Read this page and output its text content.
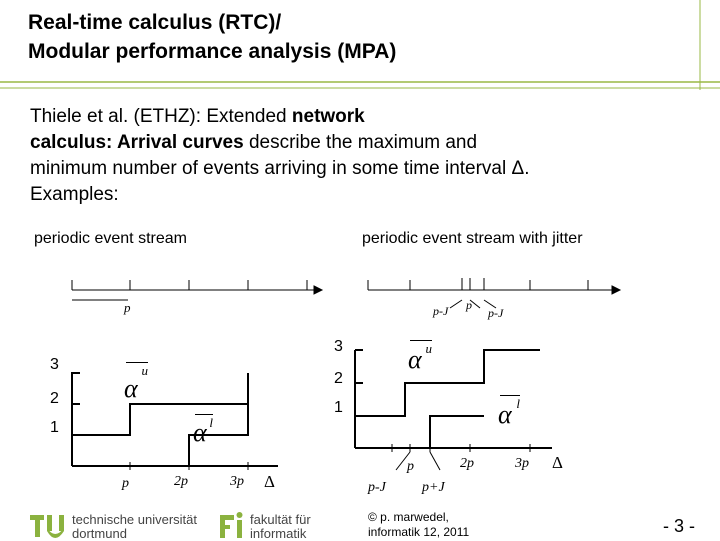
Real-time calculus (RTC)/
Modular performance analysis (MPA)

Thiele et al. (ETHZ): Extended network

calculus: Arrival curves describe the maximum and

minimum number of events arriving in some time interval Δ.

Examples:

periodic event stream
p
3
2
1
α
u
α l
p	2p	3p Δ
periodic event stream with jitter
p-J p
p-J
3
2
1
α u
α l
p	2p	3p Δ
p-J	p+J
technische universität
dortmund
fakultät für
informatik
© p. marwedel,
informatik 12, 2011	- 3 -
